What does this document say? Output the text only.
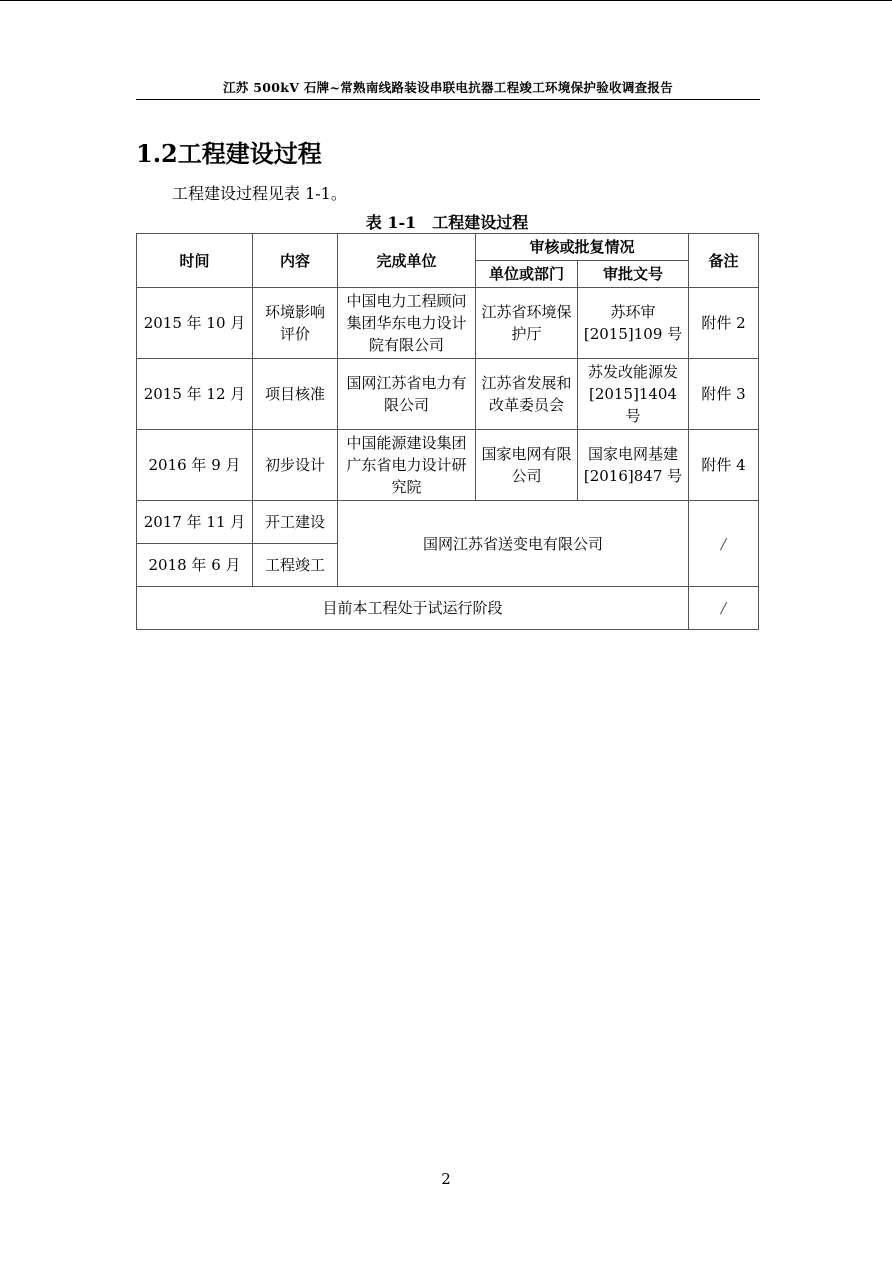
江苏 500kV 石牌~常熟南线路装设串联电抗器工程竣工环境保护验收调查报告
1.2工程建设过程

工程建设过程见表 1-1。

表 1-1　工程建设过程

时间	内容	完成单位	审核或批复情况		备注
			单位或部门	审批文号	
2015 年 10 月	环境影响评价	中国电力工程顾问集团华东电力设计院有限公司	江苏省环境保护厅	苏环审[2015]109 号	附件 2
2015 年 12 月	项目核准	国网江苏省电力有限公司	江苏省发展和改革委员会	苏发改能源发[2015]1404 号	附件 3
2016 年 9 月	初步设计	中国能源建设集团广东省电力设计研究院	国家电网有限公司	国家电网基建[2016]847 号	附件 4
2017 年 11 月	开工建设	国网江苏省送变电有限公司			/
2018 年 6 月	工程竣工				
目前本工程处于试运行阶段					/
2
